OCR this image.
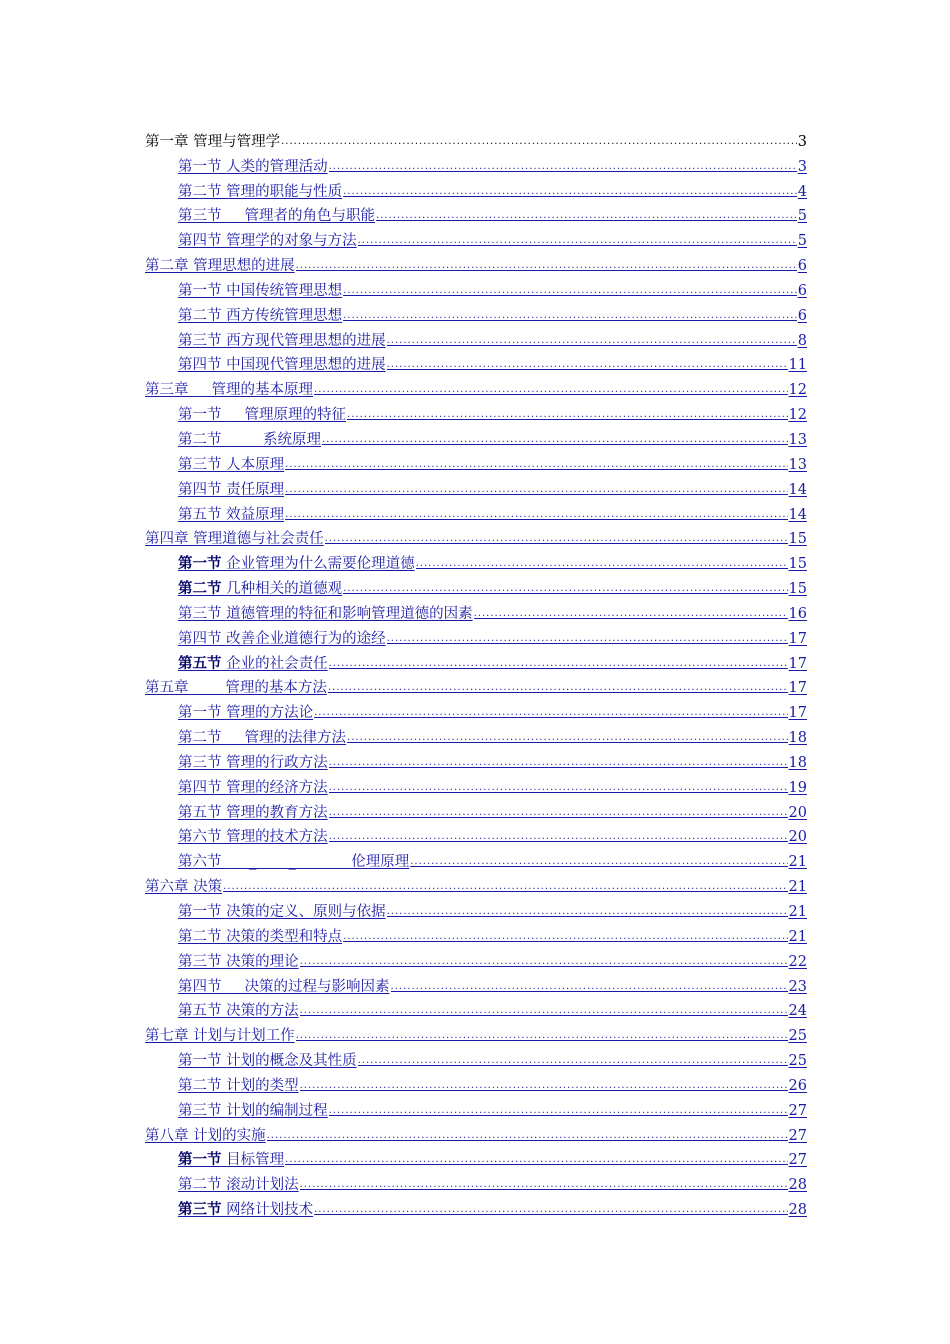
第一章 管理与管理学 .....	3
第一节 人类的管理活动 .....	3
第二节 管理的职能与性质 .....	4
第三节     管理者的角色与职能 .....	5
第四节 管理学的对象与方法 .....	5
第二章 管理思想的进展 .....	6
第一节 中国传统管理思想 .....	6
第二节 西方传统管理思想 .....	6
第三节 西方现代管理思想的进展 .....	8
第四节 中国现代管理思想的进展 .....	11
第三章     管理的基本原理 .....	12
第一节     管理原理的特征 .....	12
第二节         系统原理 .....	13
第三节 人本原理 .....	13
第四节 责任原理 .....	14
第五节 效益原理 .....	14
第四章 管理道德与社会责任 .....	15
第一节 企业管理为什么需要伦理道德 .....	15
第二节 几种相关的道德观 .....	15
第三节 道德管理的特征和影响管理道德的因素 .....	16
第四节 改善企业道德行为的途经 .....	17
第五节 企业的社会责任 .....	17
第五章        管理的基本方法 .....	17
第一节 管理的方法论 .....	17
第二节     管理的法律方法 .....	18
第三节 管理的行政方法 .....	18
第四节 管理的经济方法 .....	19
第五节 管理的教育方法 .....	20
第六节 管理的技术方法 .....	20
第六节      _       _            伦理原理 .....	21
第六章 决策 .....	21
第一节 决策的定义、原则与依据 .....	21
第二节 决策的类型和特点 .....	21
第三节 决策的理论 .....	22
第四节     决策的过程与影响因素 .....	23
第五节 决策的方法 .....	24
第七章 计划与计划工作 .....	25
第一节 计划的概念及其性质 .....	25
第二节 计划的类型 .....	26
第三节 计划的编制过程 .....	27
第八章 计划的实施 .....	27
第一节 目标管理 .....	27
第二节 滚动计划法 .....	28
第三节 网络计划技术 .....	28
